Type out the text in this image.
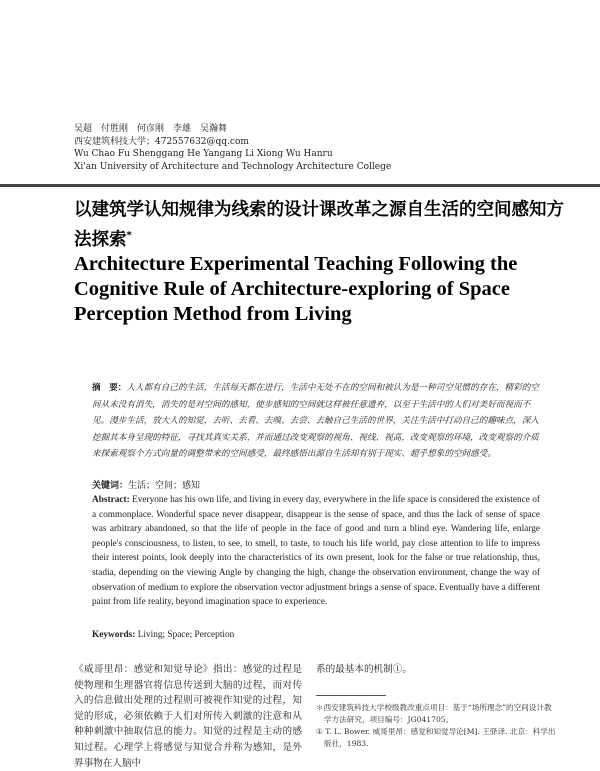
吴超　付胜刚　何彦刚　李雄　吴瀚舞
西安建筑科技大学；472557632@qq.com
Wu Chao Fu Shenggang He Yangang Li Xiong Wu Hanru
Xi'an University of Architecture and Technology Architecture College
以建筑学认知规律为线索的设计课改革之源自生活的空间感知方法探索*
Architecture Experimental Teaching Following the Cognitive Rule of Architecture-exploring of Space Perception Method from Living
摘　要：人人都有自己的生活，生活每天都在进行，生活中无处不在的空间和被认为是一种司空见惯的存在，精彩的空间从未没有消失，消失的是对空间的感知，使步感知的空间就这样被任意遗弃，以至于生活中的人们对美好而视而不见。漫步生活，放大人的知觉，去听、去看、去嗅、去尝、去触自己生活的世界，关注生活中打动自己的趣味点，深入挖掘其本身呈现的特征，寻找其真实关系，并而通过改变观察的视角、视线、视高，改变观察的环境，改变观察的介质来探索观察个方式向量的调整带来的空间感受，最终感悟出源自生活却有别于现实、超乎想象的空间感受。
关键词：生活；空间；感知
Abstract: Everyone has his own life, and living in every day, everywhere in the life space is considered the existence of a commonplace. Wonderful space never disappear, disappear is the sense of space, and thus the lack of sense of space was arbitrary abandoned, so that the life of people in the face of good and turn a blind eye. Wandering life, enlarge people's consciousness, to listen, to see, to smell, to taste, to touch his life world, pay close attention to life to impress their interest points, look deeply into the characteristics of its own present, look for the false or true relationship, thus, stadia, depending on the viewing Angle by changing the high, change the observation environment, change the way of observation of medium to explore the observation vector adjustment brings a sense of space. Eventually have a different paint from life reality, beyond imagination space to experience.
Keywords: Living; Space; Perception
《威哥里昂：感觉和知觉导论》指出：感觉的过程是使物理和生理器官将信息传送到大脑的过程，而对传入的信息做出处理的过程则可被视作知觉的过程，知觉的形成，必须依赖于人们对所传入刺激的注意和从种种刺激中抽取信息的能力。知觉的过程是主动的感知过程。心理学上将感觉与知觉合并称为感知，是外界事物在人脑中
系的最基本的机制①。
＊西安建筑科技大学校级教改重点项目：基于“场所理念”的空间设计教学方法研究，项目编号：JG041705。
① T. L. Bower. 威哥里昂：感觉和知觉导论[M]. 王驿译. 北京：科学出版社，1983.
